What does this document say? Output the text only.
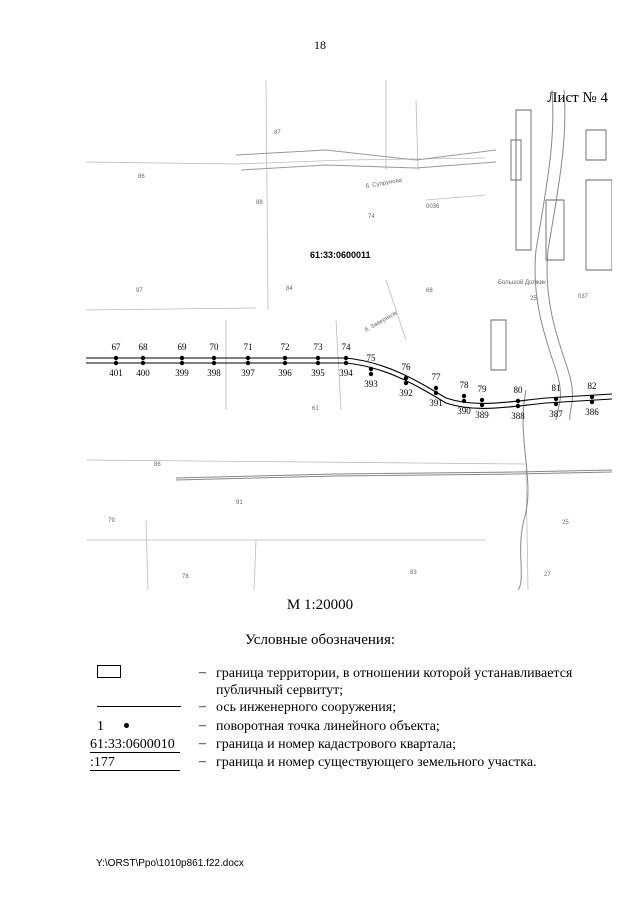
18
Лист № 4
87
86
88
74
0036
68
97	84
25
61
86
91
79
78
83
25
27
037
б. Супрунова
Большой Должик
б. Заверяков
61:33:0600011
67 68	69	70	71	72	73 74
75
76
77
78 79	80	81	82
401 400	399 398 397	396 395 394
393
392
391
390 389	388	387	386
М 1:20000
Условные обозначения:
– граница территории, в отношении которой устанавливается публичный сервитут;
– ось инженерного сооружения;
1	– поворотная точка линейного объекта;
61:33:0600010 – граница и номер кадастрового квартала;
:177	– граница и номер существующего земельного участка.
Y:\ORST\Ppo\1010p861.f22.docx
